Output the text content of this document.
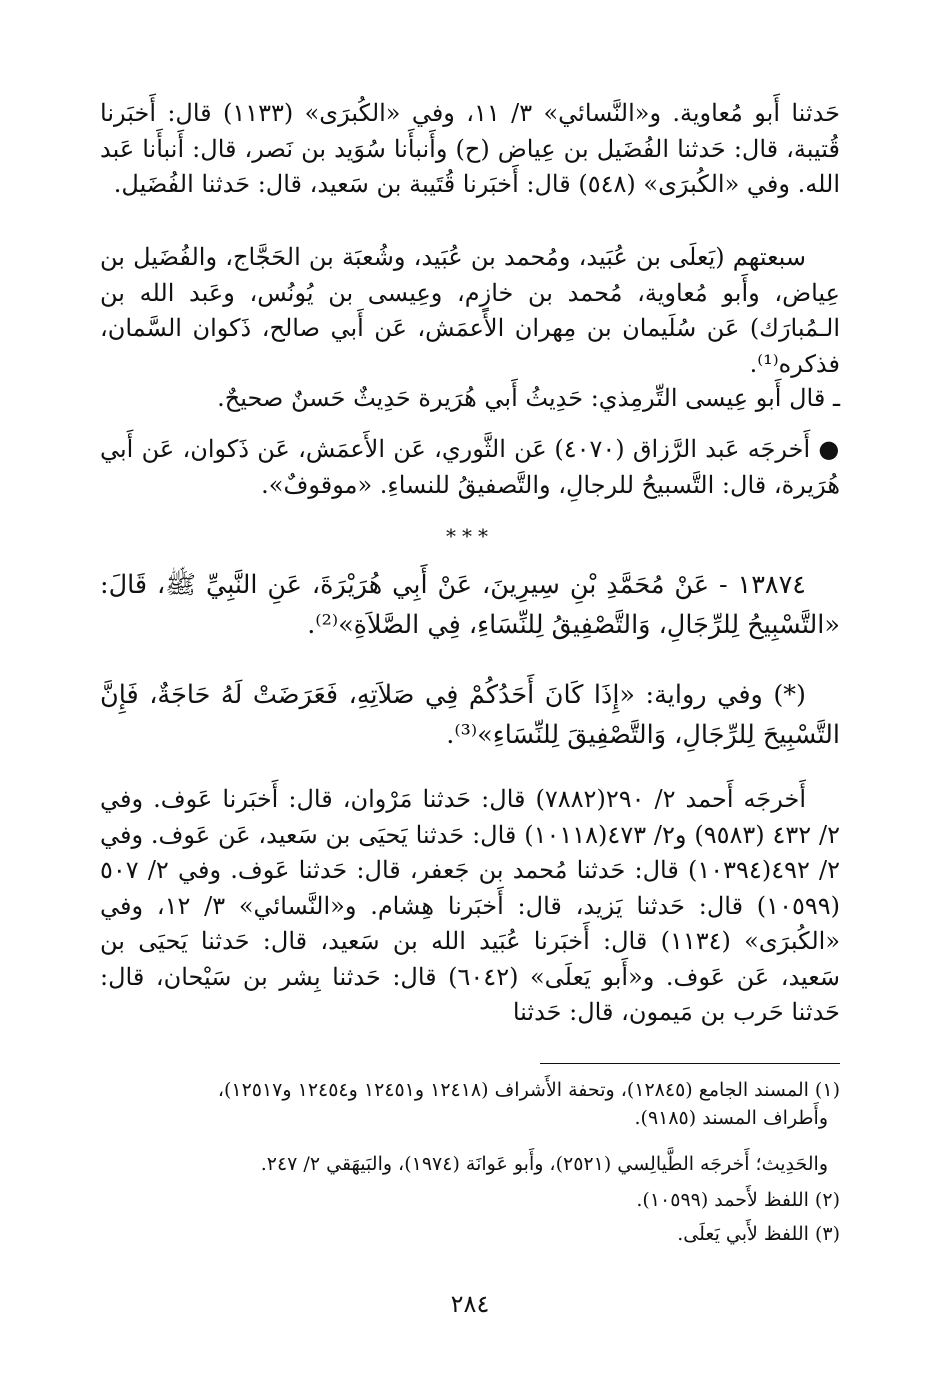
حَدثنا أَبو مُعاوية. و«النَّسائي» ٣/ ١١، وفي «الكُبرَى» (١١٣٣) قال: أَخبَرنا قُتيبة، قال: حَدثنا الفُضَيل بن عِياض (ح) وأَنبأَنا سُوَيد بن نَصر، قال: أَنبأَنا عَبد الله. وفي «الكُبرَى» (٥٤٨) قال: أَخبَرنا قُتَيبة بن سَعيد، قال: حَدثنا الفُضَيل.

سبعتهم (يَعلَى بن عُبَيد، ومُحمد بن عُبَيد، وشُعبَة بن الحَجَّاج، والفُضَيل بن عِياض، وأَبو مُعاوية، مُحمد بن خازِم، وعِيسى بن يُونُس، وعَبد الله بن الـمُبارَك) عَن سُلَيمان بن مِهران الأَعمَش، عَن أَبي صالح، ذَكوان السَّمان، فذكره⁽¹⁾.

ـ قال أَبو عِيسى التِّرمِذي: حَدِيثُ أَبي هُرَيرة حَدِيثٌ حَسنٌ صحيحٌ.

● أَخرجَه عَبد الرَّزاق (٤٠٧٠) عَن الثَّوري، عَن الأَعمَش، عَن ذَكوان، عَن أَبي هُرَيرة، قال: التَّسبيحُ للرجالِ، والتَّصفيقُ للنساءِ. «موقوفٌ».

***

١٣٨٧٤ - عَنْ مُحَمَّدِ بْنِ سِيرِينَ، عَنْ أَبِي هُرَيْرَةَ، عَنِ النَّبِيِّ ﷺ، قَالَ: «التَّسْبِيحُ لِلرِّجَالِ، وَالتَّصْفِيقُ لِلنِّسَاءِ، فِي الصَّلاَةِ»⁽²⁾.

(*) وفي رواية: «إِذَا كَانَ أَحَدُكُمْ فِي صَلاَتِهِ، فَعَرَضَتْ لَهُ حَاجَةٌ، فَإِنَّ التَّسْبِيحَ لِلرِّجَالِ، وَالتَّصْفِيقَ لِلنِّسَاءِ»⁽³⁾.

أَخرجَه أَحمد ٢/ ٢٩٠(٧٨٨٢) قال: حَدثنا مَرْوان، قال: أَخبَرنا عَوف. وفي ٢/ ٤٣٢ (٩٥٨٣) و٢/ ٤٧٣(١٠١١٨) قال: حَدثنا يَحيَى بن سَعيد، عَن عَوف. وفي ٢/ ٤٩٢(١٠٣٩٤) قال: حَدثنا مُحمد بن جَعفر، قال: حَدثنا عَوف. وفي ٢/ ٥٠٧ (١٠٥٩٩) قال: حَدثنا يَزيد، قال: أَخبَرنا هِشام. و«النَّسائي» ٣/ ١٢، وفي «الكُبرَى» (١١٣٤) قال: أَخبَرنا عُبَيد الله بن سَعيد، قال: حَدثنا يَحيَى بن سَعيد، عَن عَوف. و«أَبو يَعلَى» (٦٠٤٢) قال: حَدثنا بِشر بن سَيْحان، قال: حَدثنا حَرب بن مَيمون، قال: حَدثنا

(١) المسند الجامع (١٢٨٤٥)، وتحفة الأَشراف (١٢٤١٨ و١٢٤٥١ و١٢٤٥٤ و١٢٥١٧)،

وأَطراف المسند (٩١٨٥).

والحَدِيث؛ أَخرجَه الطَّيالِسي (٢٥٢١)، وأَبو عَوانَة (١٩٧٤)، والبَيهَقي ٢/ ٢٤٧.

(٢) اللفظ لأَحمد (١٠٥٩٩).

(٣) اللفظ لأَبي يَعلَى.

٢٨٤
